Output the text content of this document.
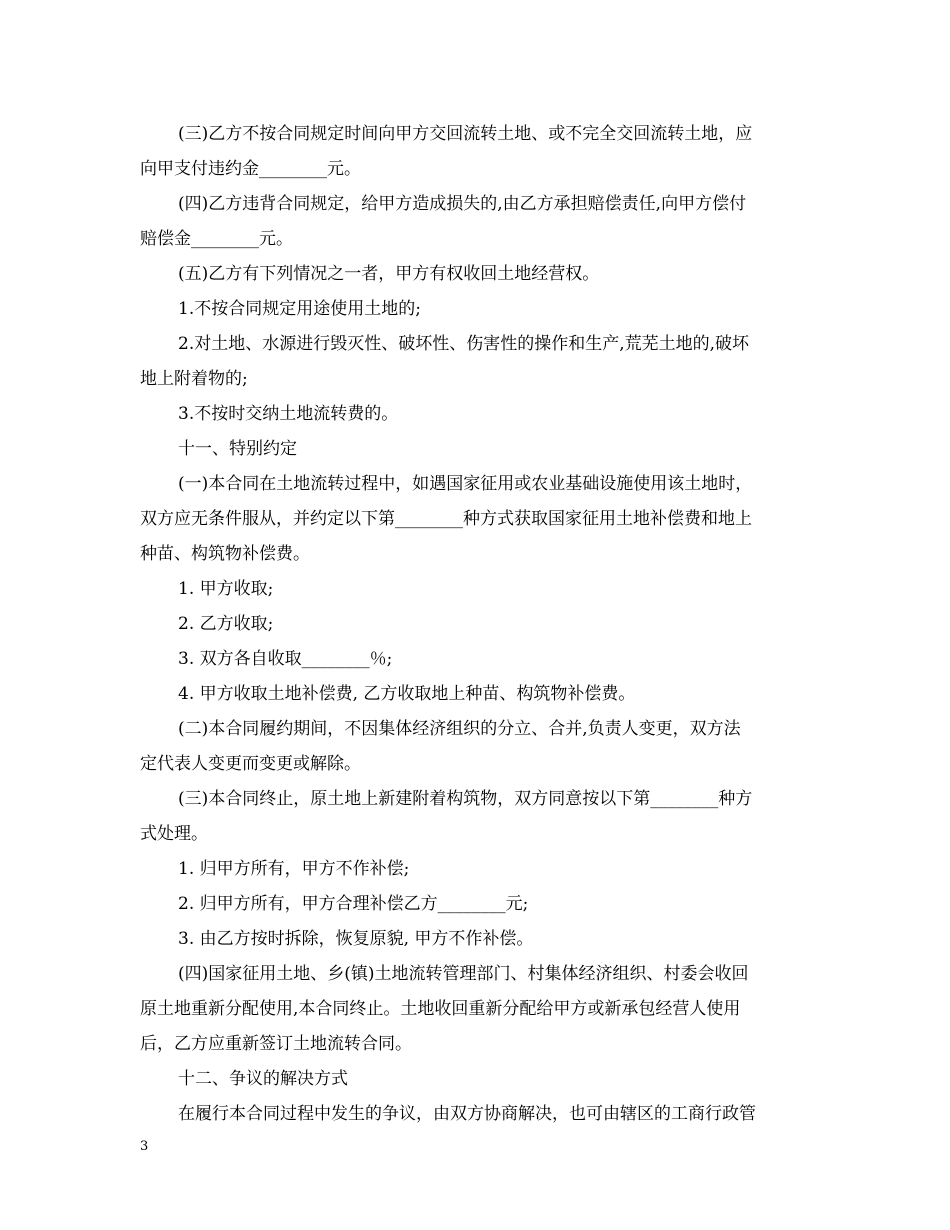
(三)乙方不按合同规定时间向甲方交回流转土地、或不完全交回流转土地，应
向甲支付违约金________元。
(四)乙方违背合同规定，给甲方造成损失的,由乙方承担赔偿责任,向甲方偿付
赔偿金________元。
(五)乙方有下列情况之一者，甲方有权收回土地经营权。
1.不按合同规定用途使用土地的;
2.对土地、水源进行毁灭性、破坏性、伤害性的操作和生产,荒芜土地的,破坏
地上附着物的;
3.不按时交纳土地流转费的。
十一、特别约定
(一)本合同在土地流转过程中，如遇国家征用或农业基础设施使用该土地时，
双方应无条件服从，并约定以下第________种方式获取国家征用土地补偿费和地上
种苗、构筑物补偿费。
1. 甲方收取;
2. 乙方收取;
3. 双方各自收取________％;
4. 甲方收取土地补偿费, 乙方收取地上种苗、构筑物补偿费。
(二)本合同履约期间，不因集体经济组织的分立、合并,负责人变更，双方法
定代表人变更而变更或解除。
(三)本合同终止，原土地上新建附着构筑物，双方同意按以下第________种方
式处理。
1. 归甲方所有，甲方不作补偿;
2. 归甲方所有，甲方合理补偿乙方________元;
3. 由乙方按时拆除，恢复原貌, 甲方不作补偿。
(四)国家征用土地、乡(镇)土地流转管理部门、村集体经济组织、村委会收回
原土地重新分配使用,本合同终止。土地收回重新分配给甲方或新承包经营人使用
后，乙方应重新签订土地流转合同。
十二、争议的解决方式
在履行本合同过程中发生的争议，由双方协商解决，也可由辖区的工商行政管
3
